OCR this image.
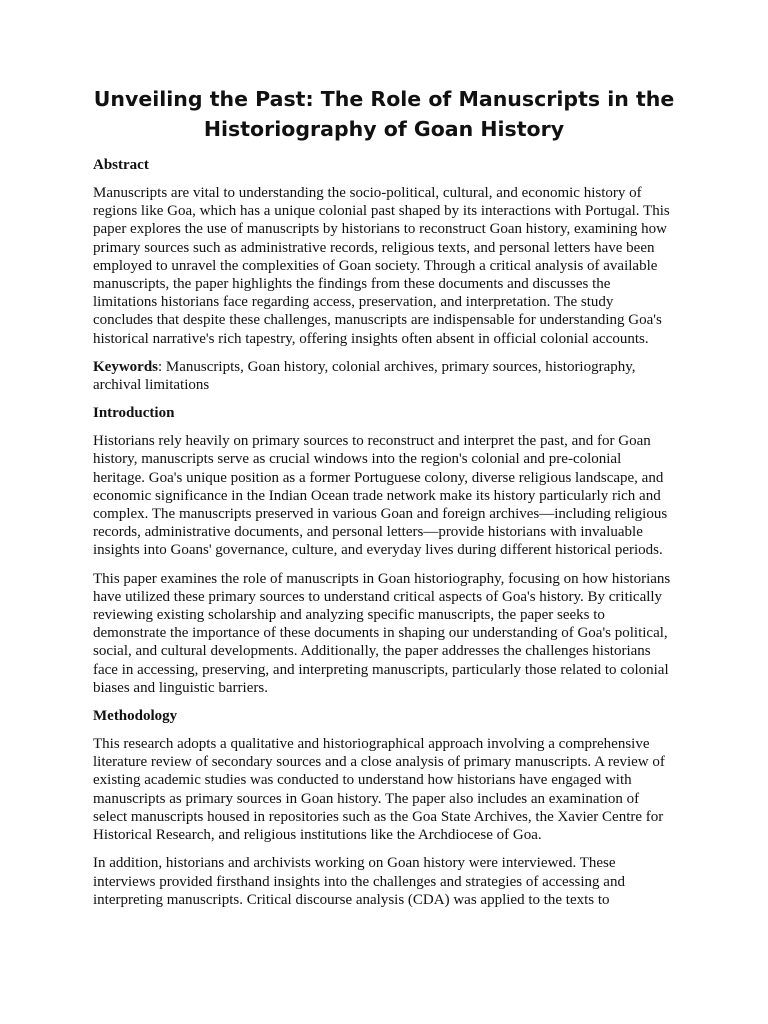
Unveiling the Past: The Role of Manuscripts in the Historiography of Goan History
Abstract

Manuscripts are vital to understanding the socio-political, cultural, and economic history of regions like Goa, which has a unique colonial past shaped by its interactions with Portugal. This paper explores the use of manuscripts by historians to reconstruct Goan history, examining how primary sources such as administrative records, religious texts, and personal letters have been employed to unravel the complexities of Goan society. Through a critical analysis of available manuscripts, the paper highlights the findings from these documents and discusses the limitations historians face regarding access, preservation, and interpretation. The study concludes that despite these challenges, manuscripts are indispensable for understanding Goa's historical narrative's rich tapestry, offering insights often absent in official colonial accounts.

Keywords: Manuscripts, Goan history, colonial archives, primary sources, historiography, archival limitations

Introduction

Historians rely heavily on primary sources to reconstruct and interpret the past, and for Goan history, manuscripts serve as crucial windows into the region's colonial and pre-colonial heritage. Goa's unique position as a former Portuguese colony, diverse religious landscape, and economic significance in the Indian Ocean trade network make its history particularly rich and complex. The manuscripts preserved in various Goan and foreign archives—including religious records, administrative documents, and personal letters—provide historians with invaluable insights into Goans' governance, culture, and everyday lives during different historical periods.

This paper examines the role of manuscripts in Goan historiography, focusing on how historians have utilized these primary sources to understand critical aspects of Goa's history. By critically reviewing existing scholarship and analyzing specific manuscripts, the paper seeks to demonstrate the importance of these documents in shaping our understanding of Goa's political, social, and cultural developments. Additionally, the paper addresses the challenges historians face in accessing, preserving, and interpreting manuscripts, particularly those related to colonial biases and linguistic barriers.

Methodology

This research adopts a qualitative and historiographical approach involving a comprehensive literature review of secondary sources and a close analysis of primary manuscripts. A review of existing academic studies was conducted to understand how historians have engaged with manuscripts as primary sources in Goan history. The paper also includes an examination of select manuscripts housed in repositories such as the Goa State Archives, the Xavier Centre for Historical Research, and religious institutions like the Archdiocese of Goa.

In addition, historians and archivists working on Goan history were interviewed. These interviews provided firsthand insights into the challenges and strategies of accessing and interpreting manuscripts. Critical discourse analysis (CDA) was applied to the texts to
